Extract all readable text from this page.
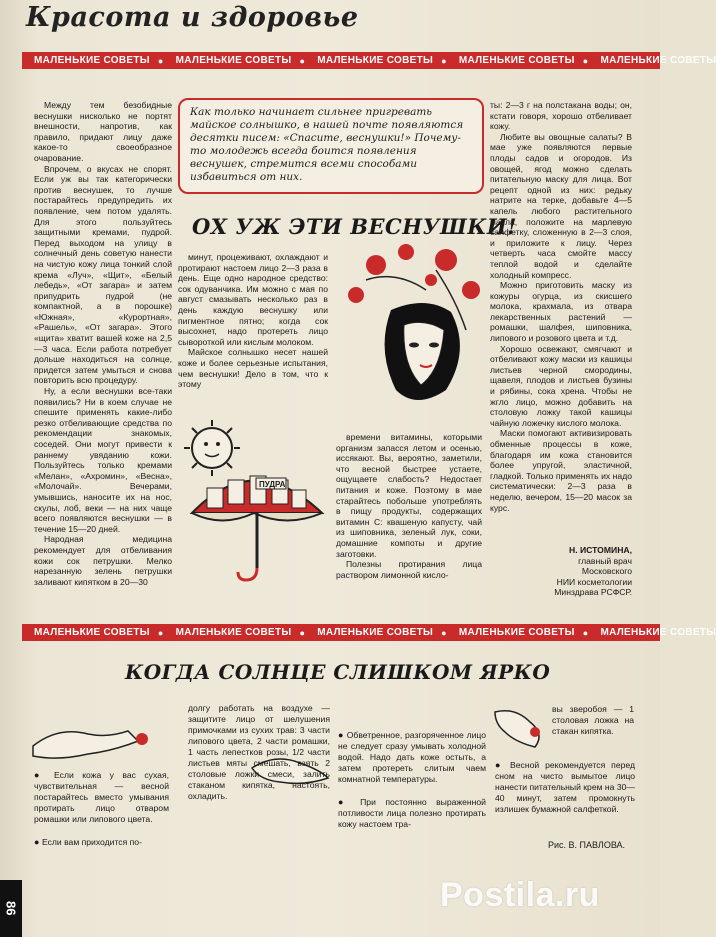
Красота и здоровье
МАЛЕНЬКИЕ СОВЕТЫ ● МАЛЕНЬКИЕ СОВЕТЫ ● МАЛЕНЬКИЕ СОВЕТЫ ● МАЛЕНЬКИЕ СОВЕТЫ ● МАЛЕНЬКИЕ СОВЕТЫ
Как только начинает сильнее пригревать майское солнышко, в нашей почте появляются десятки писем: «Спасите, веснушки!» Почему-то молодежь всегда боится появления веснушек, стремится всеми способами избавиться от них.
ОХ УЖ ЭТИ ВЕСНУШКИ!

Между тем безобидные веснушки нисколько не портят внешности, напротив, как правило, придают лицу даже какое-то своеобразное очарование.

Впрочем, о вкусах не спорят. Если уж вы так категорически против веснушек, то лучше постарайтесь предупредить их появление, чем потом удалять. Для этого пользуйтесь защитными кремами, пудрой. Перед выходом на улицу в солнечный день советую нанести на чистую кожу лица тонкий слой крема «Луч», «Щит», «Белый лебедь», «От загара» и затем припудрить пудрой (не компактной, а в порошке) «Южная», «Курортная», «Рашель», «От загара». Этого «щита» хватит вашей коже на 2,5—3 часа. Если работа потребует дольше находиться на солнце, придется затем умыться и снова повторить всю процедуру.

Ну, а если веснушки все-таки появились? Ни в коем случае не спешите применять какие-либо резко отбеливающие средства по рекомендации знакомых, соседей. Они могут привести к раннему увяданию кожи. Пользуйтесь только кремами «Мелан», «Ахромин», «Весна», «Молочай». Вечерами, умывшись, наносите их на нос, скулы, лоб, веки — на них чаще всего появляются веснушки — в течение 15—20 дней.

Народная медицина рекомендует для отбеливания кожи сок петрушки. Мелко нарезанную зелень петрушки заливают кипятком в 20—30

минут, процеживают, охлаждают и протирают настоем лицо 2—3 раза в день. Еще одно народное средство: сок одуванчика. Им можно с мая по август смазывать несколько раз в день каждую веснушку или пигментное пятно; когда сок высохнет, надо протереть лицо сывороткой или кислым молоком.

Майское солнышко несет нашей коже и более серьезные испытания, чем веснушки! Дело в том, что к этому

ПУДРА

времени витамины, которыми организм запасся летом и осенью, иссякают. Вы, вероятно, заметили, что весной быстрее устаете, ощущаете слабость? Недостает питания и коже. Поэтому в мае старайтесь побольше употреблять в пищу продукты, содержащих витамин С: квашеную капусту, чай из шиповника, зеленый лук, соки, домашние компоты и другие заготовки.

Полезны протирания лица раствором лимонной кисло-

ты: 2—3 г на полстакана воды; он, кстати говоря, хорошо отбеливает кожу.

Любите вы овощные салаты? В мае уже появляются первые плоды садов и огородов. Из овощей, ягод можно сделать питательную маску для лица. Вот рецепт одной из них: редьку натрите на терке, добавьте 4—5 капель любого растительного масла, положите на марлевую салфетку, сложенную в 2—3 слоя, и приложите к лицу. Через четверть часа смойте массу теплой водой и сделайте холодный компресс.

Можно приготовить маску из кожуры огурца, из скисшего молока, крахмала, из отвара лекарственных растений — ромашки, шалфея, шиповника, липового и розового цвета и т.д.

Хорошо освежают, смягчают и отбеливают кожу маски из кашицы листьев черной смородины, щавеля, плодов и листьев бузины и рябины, сока хрена. Чтобы не жгло лицо, можно добавить на столовую ложку такой кашицы чайную ложечку кислого молока.

Маски помогают активизировать обменные процессы в коже, благодаря им кожа становится более упругой, эластичной, гладкой. Только применять их надо систематически: 2—3 раза в неделю, вечером, 15—20 масок за курс.

Н. ИСТОМИНА,
главный врач
Московского
НИИ косметологии
Минздрава РСФСР.
МАЛЕНЬКИЕ СОВЕТЫ ● МАЛЕНЬКИЕ СОВЕТЫ ● МАЛЕНЬКИЕ СОВЕТЫ ● МАЛЕНЬКИЕ СОВЕТЫ ● МАЛЕНЬКИЕ СОВЕТЫ
КОГДА СОЛНЦЕ СЛИШКОМ ЯРКО

● Если кожа у вас сухая, чувствительная — весной постарайтесь вместо умывания протирать лицо отваром ромашки или липового цвета.

● Если вам приходится по-

долгу работать на воздухе — защитите лицо от шелушения примочками из сухих трав: 3 части липового цвета, 2 части ромашки, 1 часть лепестков розы, 1/2 части листьев мяты смешать, взять 2 столовые ложки смеси, залить стаканом кипятка, настоять, охладить.

● Обветренное, разгоряченное лицо не следует сразу умывать холодной водой. Надо дать коже остыть, а затем протереть слитым чаем комнатной температуры.

● При постоянно выраженной потливости лица полезно протирать кожу настоем тра-

вы зверобоя — 1 столовая ложка на стакан кипятка.

● Весной рекомендуется перед сном на чисто вымытое лицо нанести питательный крем на 30—40 минут, затем промокнуть излишек бумажной салфеткой.

Рис. В. ПАВЛОВА.
86	Postila.ru
